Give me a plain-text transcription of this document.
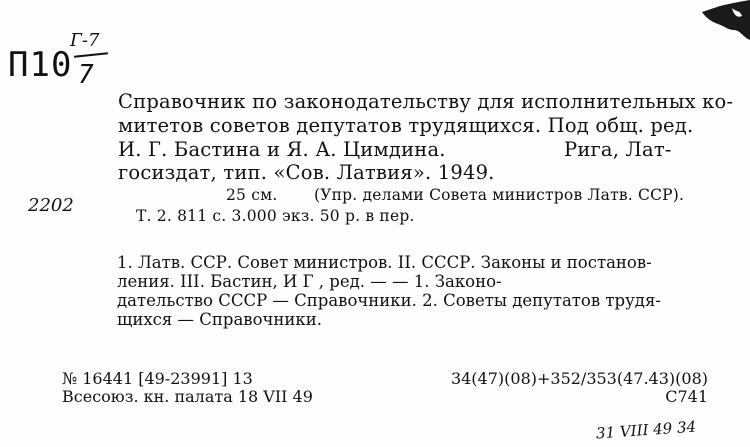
П10
Г-7
7
2202
Справочник по законодательству для исполнительных ко-
митетов советов депутатов трудящихся. Под общ. ред.
И. Г. Бастина и Я. А. Цимдина.	Рига, Лат-
госиздат, тип. «Сов. Латвия». 1949.
25 см. (Упр. делами Совета министров Латв. ССР).
Т. 2. 811 с. 3.000 экз. 50 р. в пер.
1. Латв. ССР. Совет министров. II. СССР. Законы и постанов-
ления. III. Бастин, И Г , ред. — — 1. Законо-
дательство СССР — Справочники. 2. Советы депутатов трудя-
щихся — Справочники.
№ 16441 [49-23991] 13
Всесоюз. кн. палата 18 VII 49
34(47)(08)+352/353(47.43)(08)
С741
31 VIII 49 34
